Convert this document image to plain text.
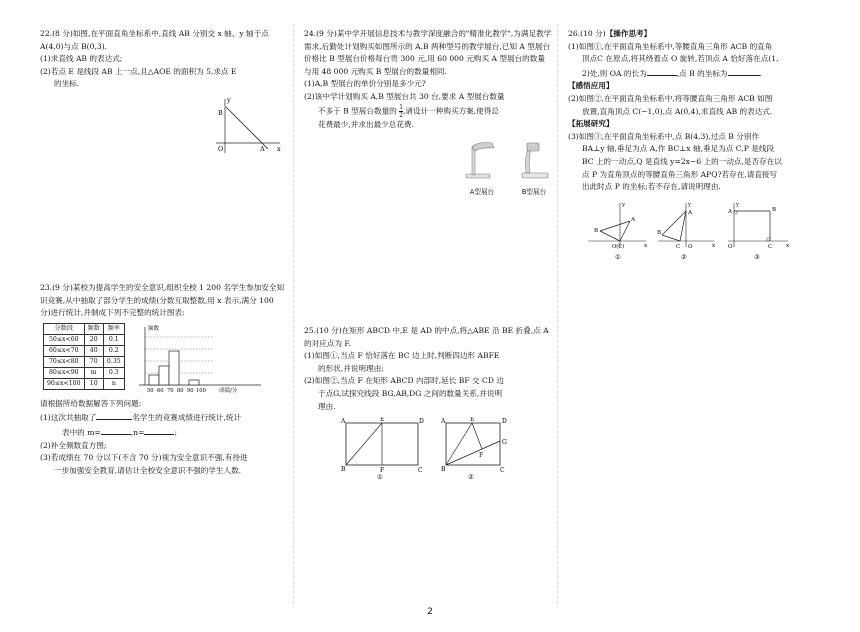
22.(8 分)如图,在平面直角坐标系中,直线 AB 分别交 x 轴、y 轴于点 A(4,0)与点 B(0,3).

(1)求直线 AB 的表达式;

(2)若点 E 是线段 AB 上一点,且△AOE 的面积为 5,求点 E

的坐标.

y
x
B
O	A

23.(9 分)某校为提高学生的安全意识,组织全校 1 200 名学生参加安全知识竞赛,从中抽取了部分学生的成绩(分数互取整数,用 x 表示,满分 100 分)进行统计,并制成下列不完整的统计图表:

分数段	频数	频率
50≤x<60	20	0.1
60≤x<70	40	0.2
70≤x<80	70	0.35
80≤x<90	m	0.3
90≤x<100	10	n
频数
50 60 70 80 90 100 成绩/分

请根据所给数据解答下列问题:

(1)这次共抽取了	名学生的竞赛成绩进行统计,统计

表中的 m=	,n=	;

(2)补全频数直方图;

(3)若成绩在 70 分以下(不含 70 分)视为安全意识不强,有待进

一步加强安全教育,请估计全校安全意识不强的学生人数.

24.(9 分)某中学开展信息技术与教学深度融合的"精准化教学",为满足教学需求,后勤处计划购买如图所示的 A,B 两种型号的教学展台,已知 A 型展台价格比 B 型展台价格每台贵 300 元,用 60 000 元购买 A 型展台的数量与用 48 000 元购买 B 型展台的数量相同.

(1)A,B 型展台的单价分别是多少元?

(2)该中学计划购买 A,B 型展台共 30 台,要求 A 型展台数量

不多于 B 型展台数量的 $\frac{1}{2}$ ,请设计一种购买方案,使得总

花费最少,并求出最少总花费.

A型展台	B型展台

25.(10 分)在矩形 ABCD 中,E 是 AD 的中点,将△ABE 沿 BE 折叠,点 A 的对应点为 F.

(1)如图①,当点 F 恰好落在 BC 边上时,判断四边形 ABFE

的形状,并说明理由;

(2)如图②,当点 F 在矩形 ABCD 内部时,延长 BF 交 CD 边

于点G,试探究线段 BG,AB,DG 之间的数量关系,并说明

理由.

A	E	D
B	F	C
①
A	E	D
G
F
B	C
②

26.(10 分)【操作思考】

(1)如图①,在平面直角坐标系中,等腰直角三角形 ACB 的直角

顶点C 在原点,将其绕着点 O 旋转,若顶点 A 恰好落在点(1,

2)处,则 OA 的长为	,点 B 的坐标为	.

【感悟应用】

(2)如图②,在平面直角坐标系中,将等腰直角三角形 ACB 如图

放置,直角顶点 C(−1,0),点 A(0,4),求直线 AB 的表达式.

【拓展研究】

(3)如图③,在平面直角坐标系中,点 B(4,3),过点 B 分别作

BA⊥y 轴,垂足为点 A,作 BC⊥x 轴,垂足为点 C,P 是线段

BC 上的一动点,Q 是直线 y=2x−6 上的一动点,是否存在以

点 P 为直角顶点的等腰直角三角形 APQ?若存在,请直接写

出此时点 P 的坐标;若不存在,请说明理由.

y
x
A
B
O(C)
①
y
x
A
B
C O
②
y
x
A	B
C
O
③
2
